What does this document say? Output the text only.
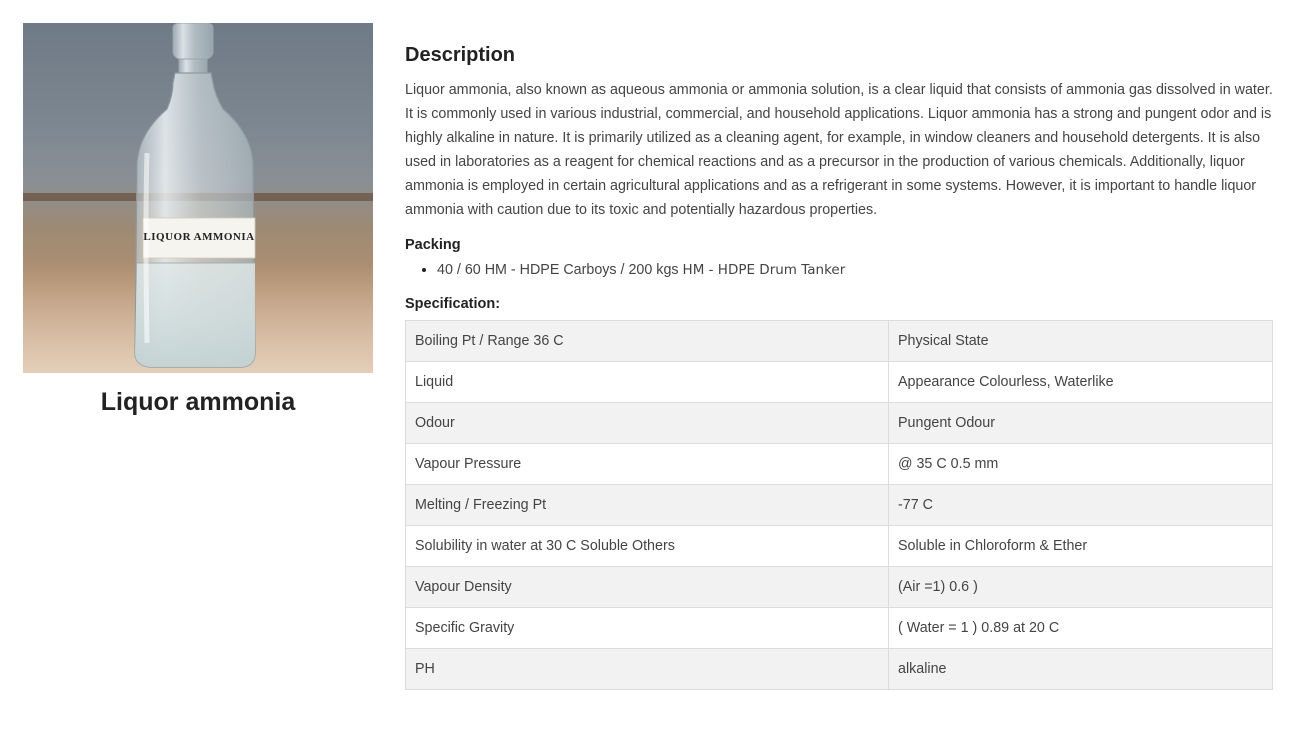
LIQUOR AMMONIA
Liquor ammonia
Description

Liquor ammonia, also known as aqueous ammonia or ammonia solution, is a clear liquid that consists of ammonia gas dissolved in water. It is commonly used in various industrial, commercial, and household applications. Liquor ammonia has a strong and pungent odor and is highly alkaline in nature. It is primarily utilized as a cleaning agent, for example, in window cleaners and household detergents. It is also used in laboratories as a reagent for chemical reactions and as a precursor in the production of various chemicals. Additionally, liquor ammonia is employed in certain agricultural applications and as a refrigerant in some systems. However, it is important to handle liquor ammonia with caution due to its toxic and potentially hazardous properties.

Packing
• 40 / 60 HM - HDPE Carboys / 200 kgs HM - HDPE Drum Tanker
Specification:
Boiling Pt / Range 36 C	Physical State
Liquid	Appearance Colourless, Waterlike
Odour	Pungent Odour
Vapour Pressure	@ 35 C 0.5 mm
Melting / Freezing Pt	-77 C
Solubility in water at 30 C Soluble Others	Soluble in Chloroform & Ether
Vapour Density	(Air =1) 0.6 )
Specific Gravity	( Water = 1 ) 0.89 at 20 C
PH	alkaline
